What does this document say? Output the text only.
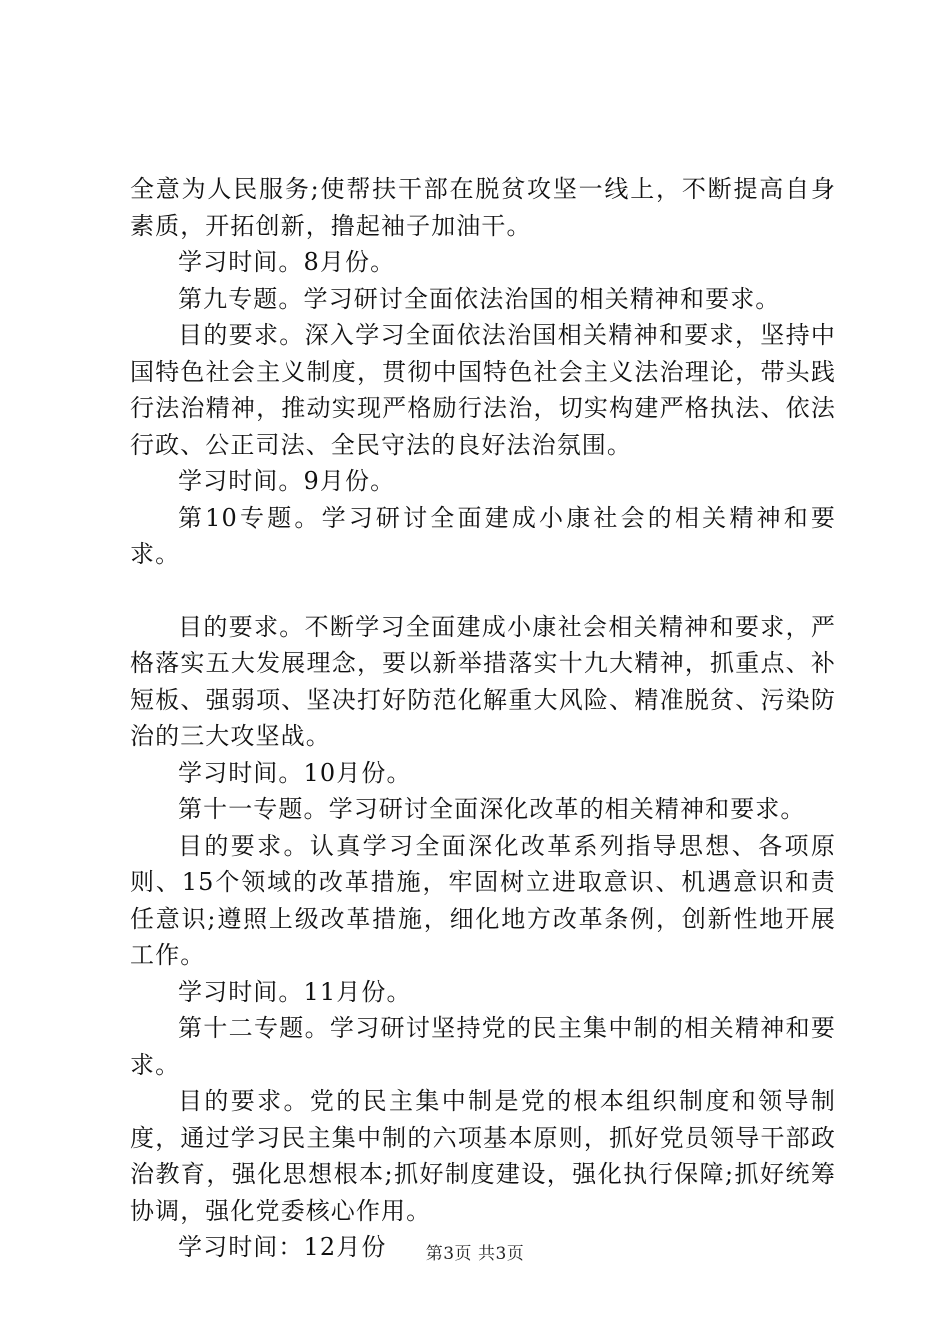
全意为人民服务;使帮扶干部在脱贫攻坚一线上，不断提高自身素质，开拓创新，撸起袖子加油干。

学习时间。8月份。

第九专题。学习研讨全面依法治国的相关精神和要求。

目的要求。深入学习全面依法治国相关精神和要求，坚持中国特色社会主义制度，贯彻中国特色社会主义法治理论，带头践行法治精神，推动实现严格励行法治，切实构建严格执法、依法行政、公正司法、全民守法的良好法治氛围。

学习时间。9月份。

第10专题。学习研讨全面建成小康社会的相关精神和要求。

目的要求。不断学习全面建成小康社会相关精神和要求，严格落实五大发展理念，要以新举措落实十九大精神，抓重点、补短板、强弱项、坚决打好防范化解重大风险、精准脱贫、污染防治的三大攻坚战。

学习时间。10月份。

第十一专题。学习研讨全面深化改革的相关精神和要求。

目的要求。认真学习全面深化改革系列指导思想、各项原则、15个领域的改革措施，牢固树立进取意识、机遇意识和责任意识;遵照上级改革措施，细化地方改革条例，创新性地开展工作。

学习时间。11月份。

第十二专题。学习研讨坚持党的民主集中制的相关精神和要求。

目的要求。党的民主集中制是党的根本组织制度和领导制度，通过学习民主集中制的六项基本原则，抓好党员领导干部政治教育，强化思想根本;抓好制度建设，强化执行保障;抓好统筹协调，强化党委核心作用。

学习时间：12月份	第3页 共3页
